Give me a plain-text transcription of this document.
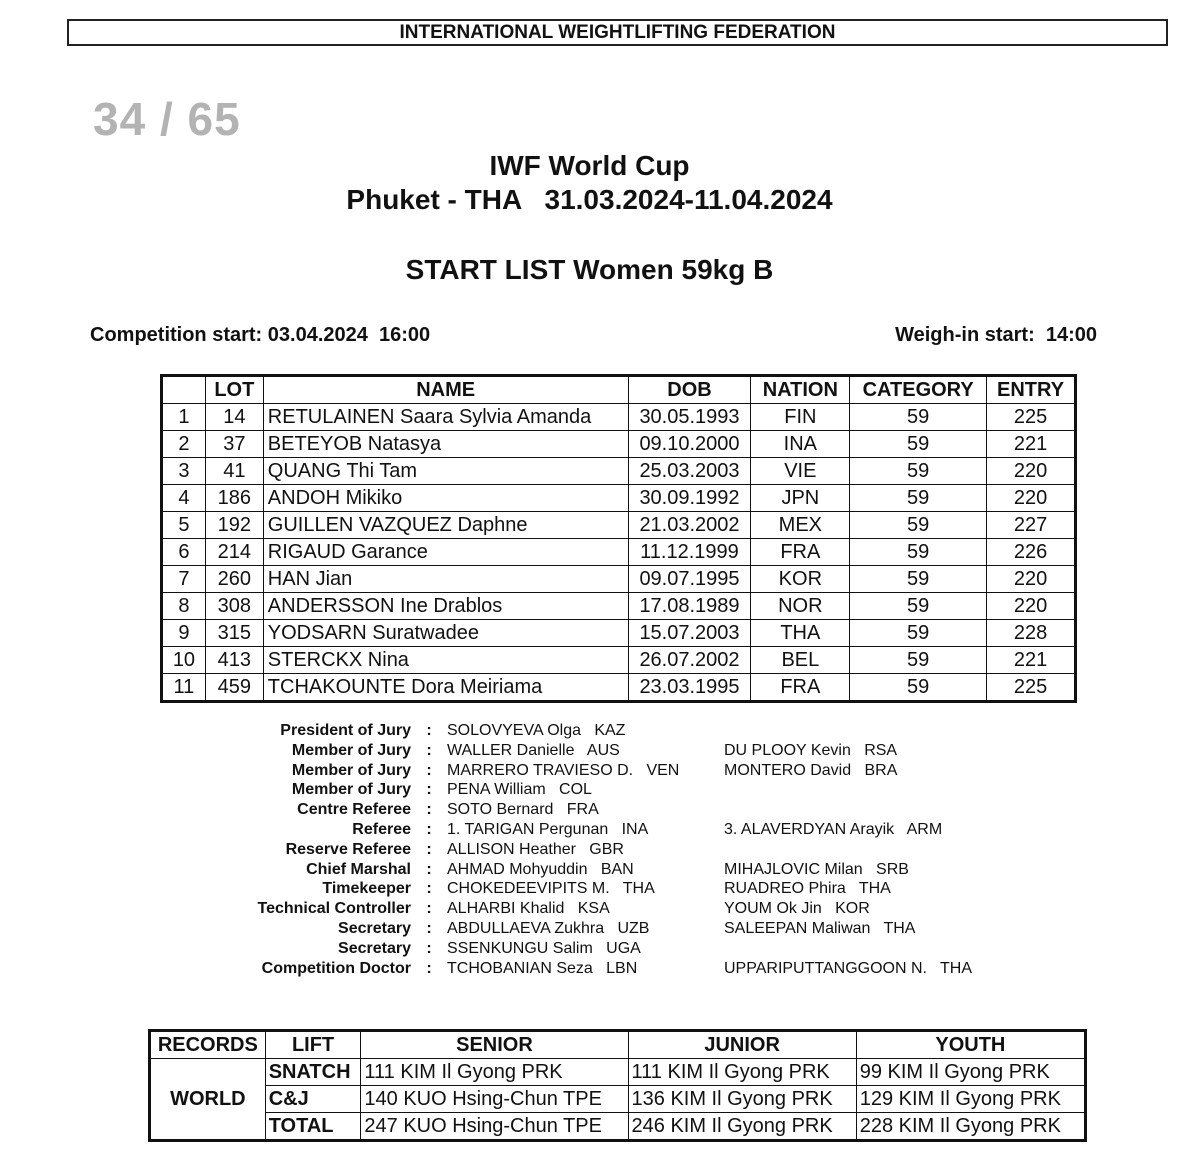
INTERNATIONAL WEIGHTLIFTING FEDERATION
34 / 65
IWF World Cup
Phuket - THA   31.03.2024-11.04.2024
START LIST Women 59kg B
Competition start: 03.04.2024  16:00	Weigh-in start:  14:00
	LOT	NAME	DOB	NATION	CATEGORY	ENTRY
1	14	RETULAINEN Saara Sylvia Amanda	30.05.1993	FIN	59	225
2	37	BETEYOB Natasya	09.10.2000	INA	59	221
3	41	QUANG Thi Tam	25.03.2003	VIE	59	220
4	186	ANDOH Mikiko	30.09.1992	JPN	59	220
5	192	GUILLEN VAZQUEZ Daphne	21.03.2002	MEX	59	227
6	214	RIGAUD Garance	11.12.1999	FRA	59	226
7	260	HAN Jian	09.07.1995	KOR	59	220
8	308	ANDERSSON Ine Drablos	17.08.1989	NOR	59	220
9	315	YODSARN Suratwadee	15.07.2003	THA	59	228
10	413	STERCKX Nina	26.07.2002	BEL	59	221
11	459	TCHAKOUNTE Dora Meiriama	23.03.1995	FRA	59	225
President of Jury : SOLOVYEVA Olga   KAZ
Member of Jury : WALLER Danielle   AUS	DU PLOOY Kevin   RSA
Member of Jury : MARRERO TRAVIESO D.   VEN	MONTERO David   BRA
Member of Jury : PENA William   COL
Centre Referee : SOTO Bernard   FRA
Referee : 1. TARIGAN Pergunan   INA	3. ALAVERDYAN Arayik   ARM
Reserve Referee : ALLISON Heather   GBR
Chief Marshal : AHMAD Mohyuddin   BAN	MIHAJLOVIC Milan   SRB
Timekeeper : CHOKEDEEVIPITS M.   THA	RUADREO Phira   THA
Technical Controller : ALHARBI Khalid   KSA	YOUM Ok Jin   KOR
Secretary : ABDULLAEVA Zukhra   UZB	SALEEPAN Maliwan   THA
Secretary : SSENKUNGU Salim   UGA
Competition Doctor : TCHOBANIAN Seza   LBN	UPPARIPUTTANGGOON N.   THA
RECORDS	LIFT	SENIOR	JUNIOR	YOUTH
WORLD	SNATCH	111 KIM Il Gyong PRK	111 KIM Il Gyong PRK	99 KIM Il Gyong PRK
	C&J	140 KUO Hsing-Chun TPE	136 KIM Il Gyong PRK	129 KIM Il Gyong PRK
	TOTAL	247 KUO Hsing-Chun TPE	246 KIM Il Gyong PRK	228 KIM Il Gyong PRK
